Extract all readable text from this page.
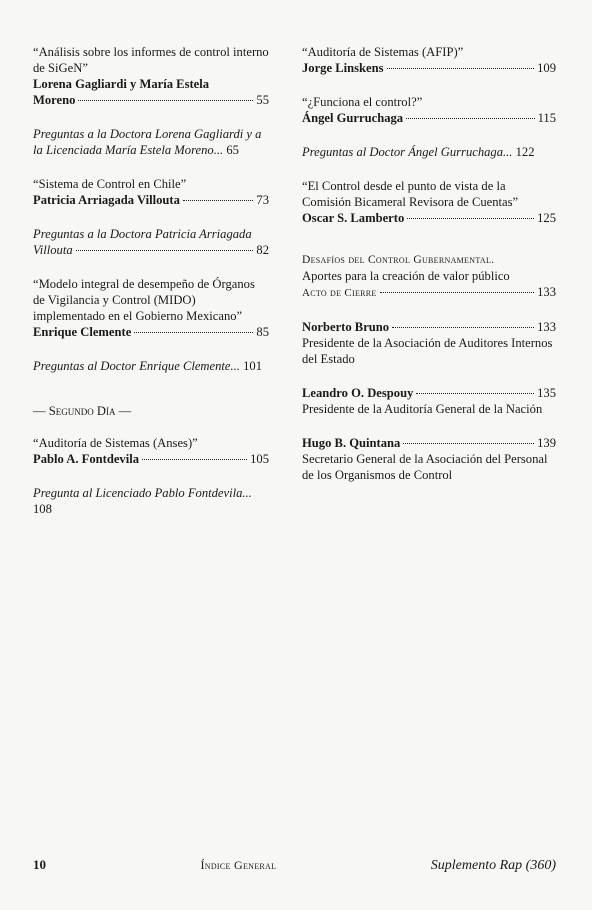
“Análisis sobre los informes de control interno de SiGeN”
Lorena Gagliardi y María Estela
Moreno	55
Preguntas a la Doctora Lorena Gagliardi y a la Licenciada María Estela Moreno... 65
“Sistema de Control en Chile”
Patricia Arriagada Villouta	73
Preguntas a la Doctora Patricia Arriagada
Villouta	82
“Modelo integral de desempeño de Órganos de Vigilancia y Control (MIDO) implementado en el Gobierno Mexicano”
Enrique Clemente	85
Preguntas al Doctor Enrique Clemente... 101
— Segundo Día —
“Auditoría de Sistemas (Anses)”
Pablo A. Fontdevila	105
Pregunta al Licenciado Pablo Fontdevila... 108
“Auditoría de Sistemas (AFIP)”
Jorge Linskens	109
“¿Funciona el control?”
Ángel Gurruchaga	115
Preguntas al Doctor Ángel Gurruchaga... 122
“El Control desde el punto de vista de la Comisión Bicameral Revisora de Cuentas”
Oscar S. Lamberto	125
Desafíos del Control Gubernamental.
Aportes para la creación de valor público
Acto de Cierre	133
Norberto Bruno	133
Presidente de la Asociación de Auditores Internos del Estado
Leandro O. Despouy	135
Presidente de la Auditoría General de la Nación
Hugo B. Quintana	139
Secretario General de la Asociación del Personal de los Organismos de Control
10	Índice General	Suplemento Rap (360)
